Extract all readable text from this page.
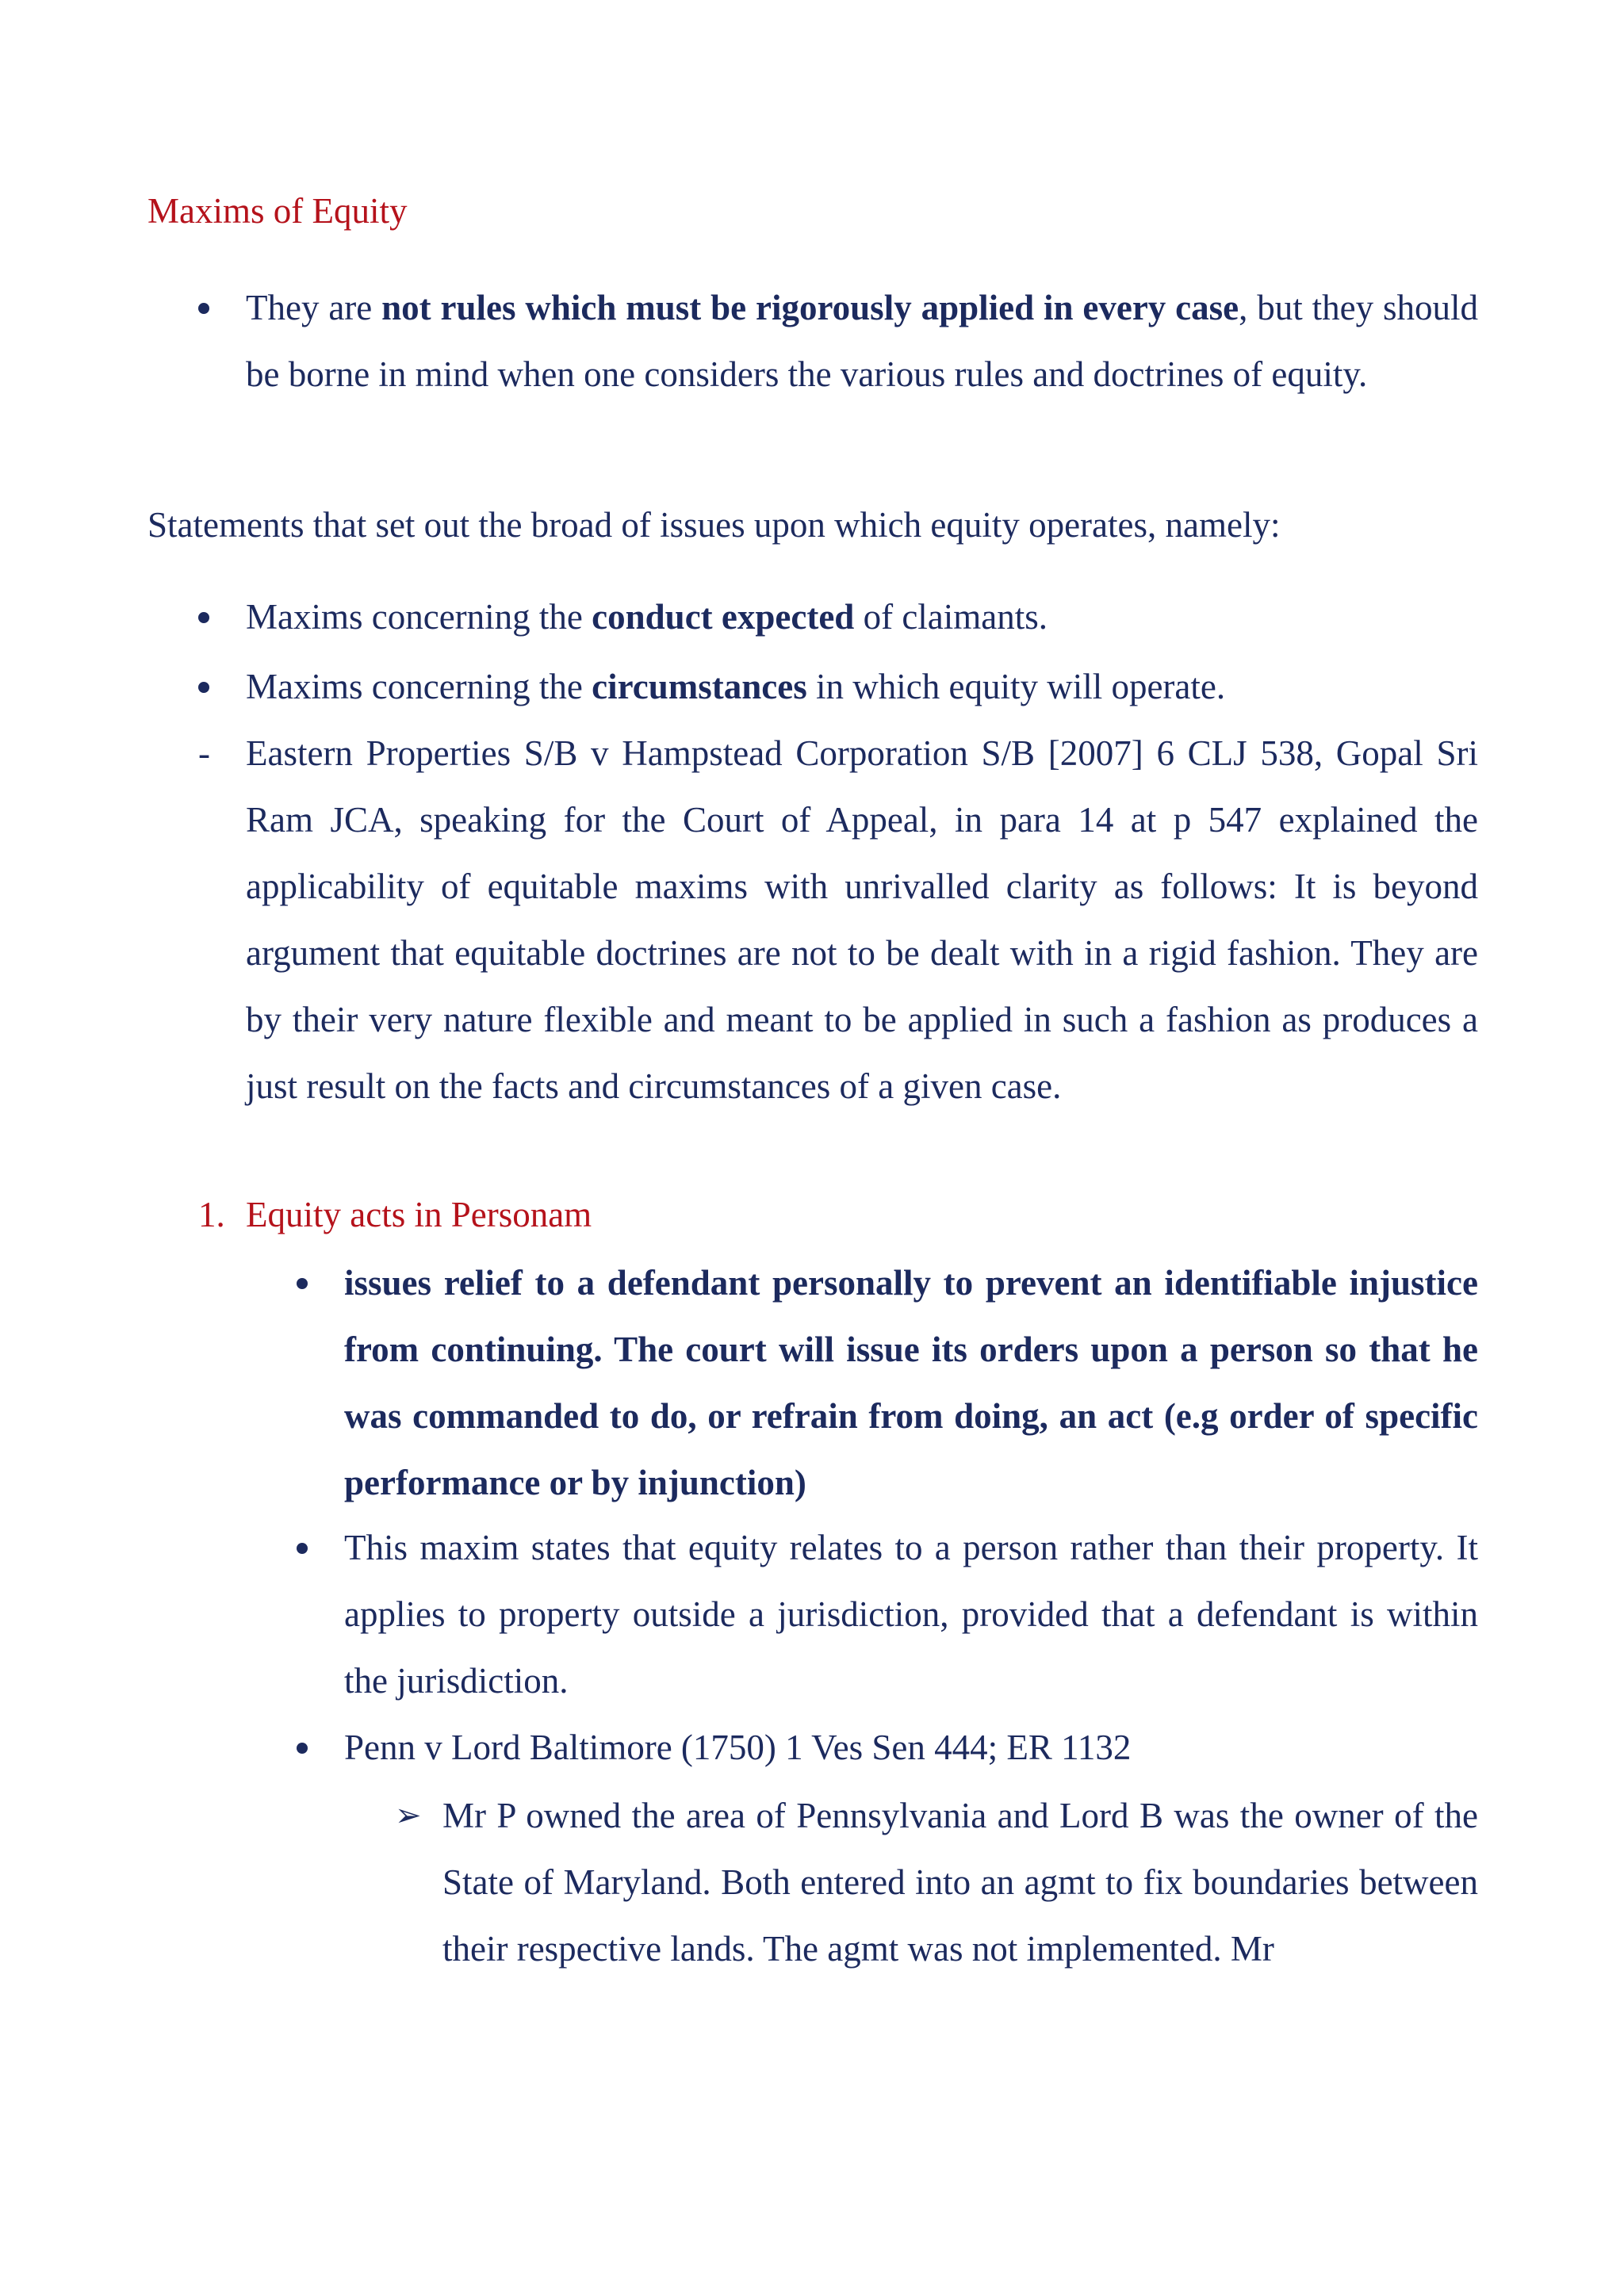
Maxims of Equity
They are not rules which must be rigorously applied in every case, but they should be borne in mind when one considers the various rules and doctrines of equity.
Statements that set out the broad of issues upon which equity operates, namely:
Maxims concerning the conduct expected of claimants.
Maxims concerning the circumstances in which equity will operate.
- Eastern Properties S/B v Hampstead Corporation S/B [2007] 6 CLJ 538, Gopal Sri Ram JCA, speaking for the Court of Appeal, in para 14 at p 547 explained the applicability of equitable maxims with unrivalled clarity as follows: It is beyond argument that equitable doctrines are not to be dealt with in a rigid fashion. They are by their very nature flexible and meant to be applied in such a fashion as produces a just result on the facts and circumstances of a given case.
1. Equity acts in Personam
issues relief to a defendant personally to prevent an identifiable injustice from continuing. The court will issue its orders upon a person so that he was commanded to do, or refrain from doing, an act (e.g order of specific performance or by injunction)
This maxim states that equity relates to a person rather than their property. It applies to property outside a jurisdiction, provided that a defendant is within the jurisdiction.
Penn v Lord Baltimore (1750) 1 Ves Sen 444; ER 1132
➢ Mr P owned the area of Pennsylvania and Lord B was the owner of the State of Maryland. Both entered into an agmt to fix boundaries between their respective lands. The agmt was not implemented. Mr
